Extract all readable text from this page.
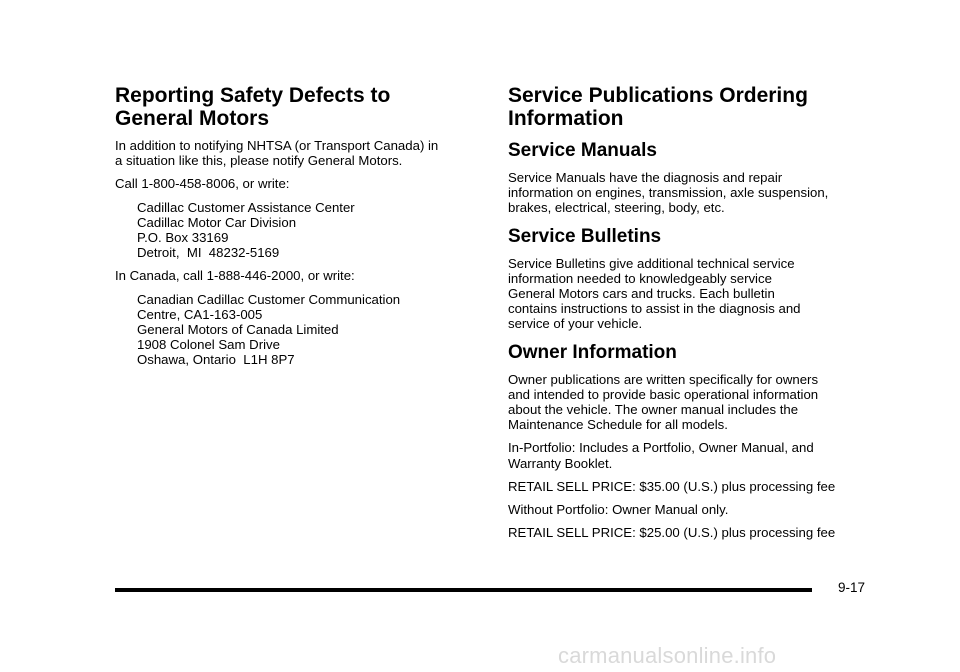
Reporting Safety Defects to
General Motors

In addition to notifying NHTSA (or Transport Canada) in
a situation like this, please notify General Motors.

Call 1-800-458-8006, or write:

Cadillac Customer Assistance Center
Cadillac Motor Car Division
P.O. Box 33169
Detroit,  MI  48232-5169

In Canada, call 1-888-446-2000, or write:

Canadian Cadillac Customer Communication
Centre, CA1-163-005
General Motors of Canada Limited
1908 Colonel Sam Drive
Oshawa, Ontario  L1H 8P7

Service Publications Ordering
Information
Service Manuals

Service Manuals have the diagnosis and repair
information on engines, transmission, axle suspension,
brakes, electrical, steering, body, etc.

Service Bulletins

Service Bulletins give additional technical service
information needed to knowledgeably service
General Motors cars and trucks. Each bulletin
contains instructions to assist in the diagnosis and
service of your vehicle.

Owner Information

Owner publications are written specifically for owners
and intended to provide basic operational information
about the vehicle. The owner manual includes the
Maintenance Schedule for all models.

In-Portfolio: Includes a Portfolio, Owner Manual, and
Warranty Booklet.

RETAIL SELL PRICE: $35.00 (U.S.) plus processing fee

Without Portfolio: Owner Manual only.

RETAIL SELL PRICE: $25.00 (U.S.) plus processing fee

9-17
carmanualsonline.info
